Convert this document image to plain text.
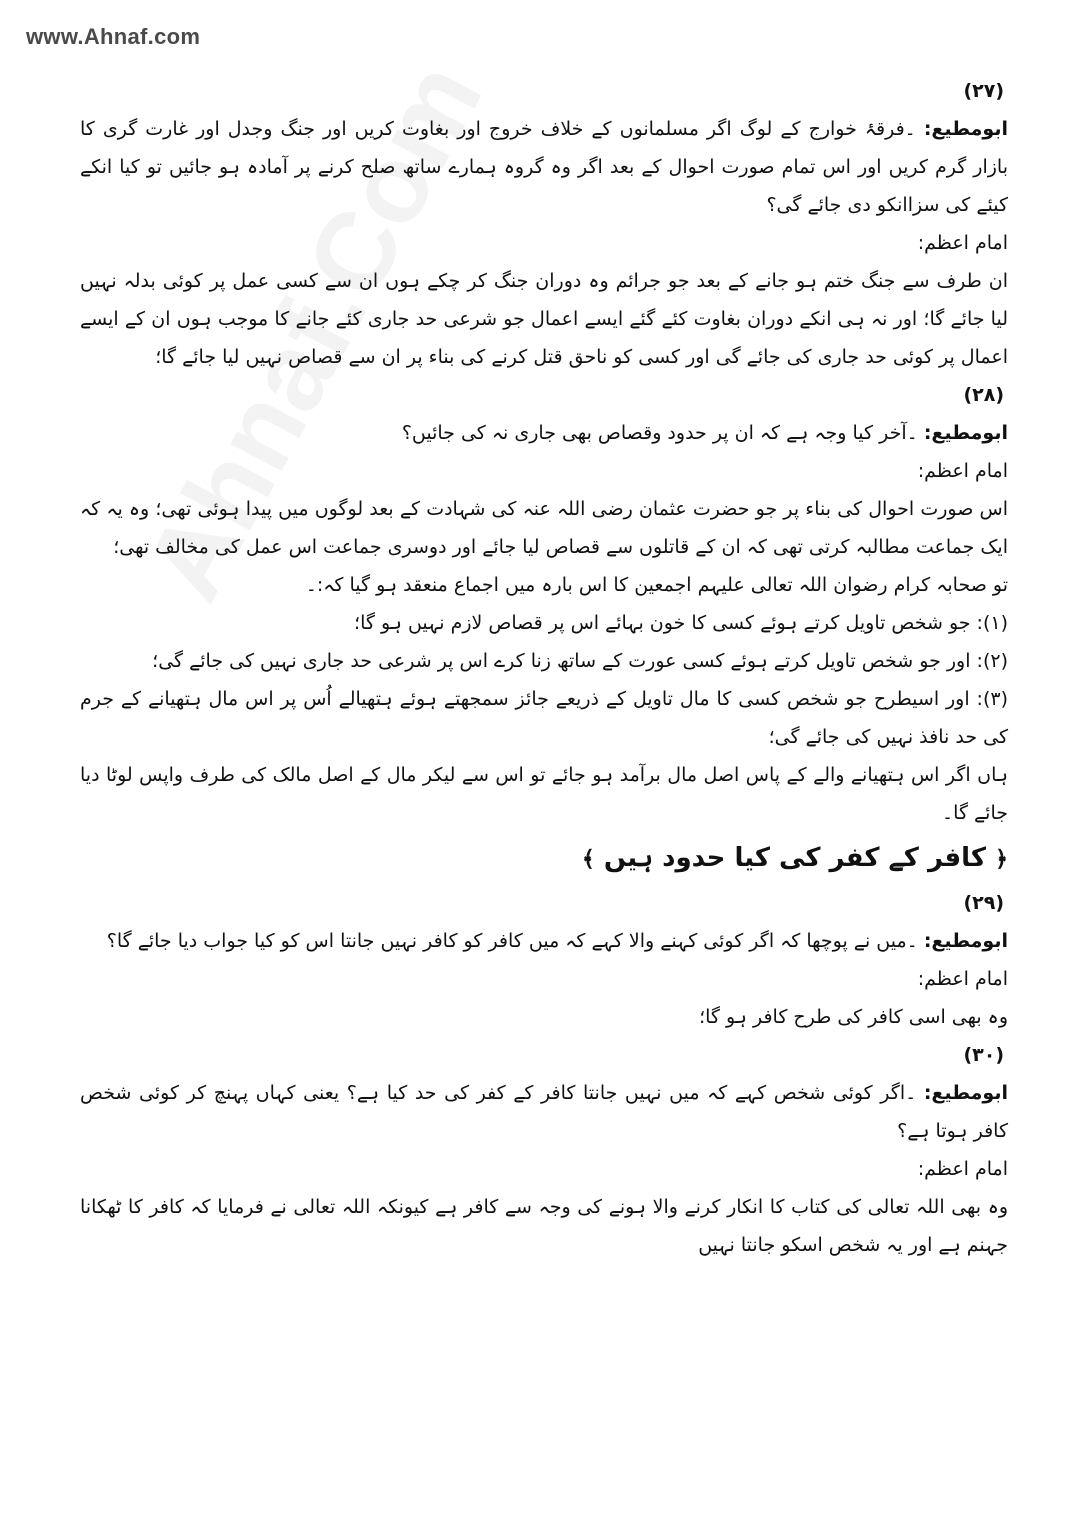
www.Ahnaf.com
(۲۷)
ابومطیع: ۔فرقۂ خوارج کے لوگ اگر مسلمانوں کے خلاف خروج اور بغاوت کریں اور جنگ وجدل اور غارت گری کا بازار گرم کریں اور اس تمام صورت احوال کے بعد اگر وہ گروہ ہمارے ساتھ صلح کرنے پر آمادہ ہو جائیں تو کیا انکے کیئے کی سزاانکو دی جائے گی؟
امام اعظم:
ان طرف سے جنگ ختم ہو جانے کے بعد جو جرائم وہ دوران جنگ کر چکے ہوں ان سے کسی عمل پر کوئی بدلہ نہیں لیا جائے گا؛ اور نہ ہی انکے دوران بغاوت کئے گئے ایسے اعمال جو شرعی حد جاری کئے جانے کا موجب ہوں ان کے ایسے اعمال پر کوئی حد جاری کی جائے گی اور کسی کو ناحق قتل کرنے کی بناء پر ان سے قصاص نہیں لیا جائے گا؛
(۲۸)
ابومطیع: ۔آخر کیا وجہ ہے کہ ان پر حدود وقصاص بھی جاری نہ کی جائیں؟
امام اعظم:
اس صورت احوال کی بناء پر جو حضرت عثمان رضی اللہ عنہ کی شہادت کے بعد لوگوں میں پیدا ہوئی تھی؛ وہ یہ کہ ایک جماعت مطالبہ کرتی تھی کہ ان کے قاتلوں سے قصاص لیا جائے اور دوسری جماعت اس عمل کی مخالف تھی؛
تو صحابہ کرام رضوان اللہ تعالی علیہم اجمعین کا اس بارہ میں اجماع منعقد ہو گیا کہ:۔
(۱): جو شخص تاویل کرتے ہوئے کسی کا خون بہائے اس پر قصاص لازم نہیں ہو گا؛
(۲): اور جو شخص تاویل کرتے ہوئے کسی عورت کے ساتھ زنا کرے اس پر شرعی حد جاری نہیں کی جائے گی؛
(۳): اور اسیطرح جو شخص کسی کا مال تاویل کے ذریعے جائز سمجھتے ہوئے ہتھیالے اُس پر اس مال ہتھیانے کے جرم کی حد نافذ نہیں کی جائے گی؛
ہاں اگر اس ہتھیانے والے کے پاس اصل مال برآمد ہو جائے تو اس سے لیکر مال کے اصل مالک کی طرف واپس لوٹا دیا جائے گا۔
﴿ کافر کے کفر کی کیا حدود ہیں ﴾
(۲۹)
ابومطیع: ۔میں نے پوچھا کہ اگر کوئی کہنے والا کہے کہ میں کافر کو کافر نہیں جانتا اس کو کیا جواب دیا جائے گا؟
امام اعظم:
وہ بھی اسی کافر کی طرح کافر ہو گا؛
(۳۰)
ابومطیع: ۔اگر کوئی شخص کہے کہ میں نہیں جانتا کافر کے کفر کی حد کیا ہے؟ یعنی کہاں پہنچ کر کوئی شخص کافر ہوتا ہے؟
امام اعظم:
وہ بھی اللہ تعالی کی کتاب کا انکار کرنے والا ہونے کی وجہ سے کافر ہے کیونکہ اللہ تعالی نے فرمایا کہ کافر کا ٹھکانا جہنم ہے اور یہ شخص اسکو جانتا نہیں
